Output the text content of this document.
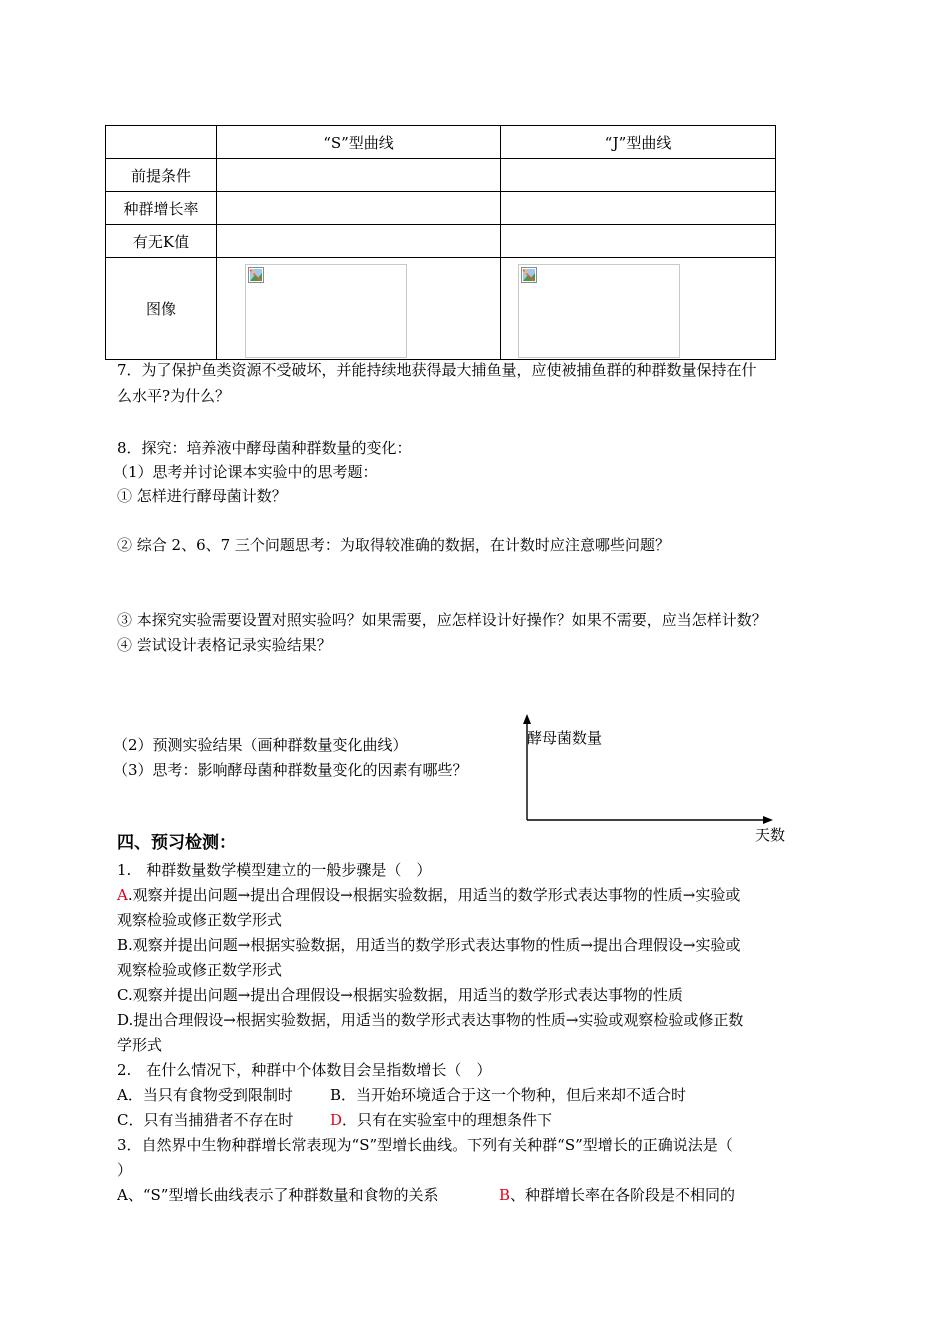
	“S”型曲线	“J”型曲线
前提条件		
种群增长率		
有无K值		
图像	

7．为了保护鱼类资源不受破坏，并能持续地获得最大捕鱼量，应使被捕鱼群的种群数量保持在什
么水平?为什么？
8．探究：培养液中酵母菌种群数量的变化：
（1）思考并讨论课本实验中的思考题：
① 怎样进行酵母菌计数？
② 综合 2、6、7 三个问题思考：为取得较准确的数据，在计数时应注意哪些问题？
③ 本探究实验需要设置对照实验吗？如果需要，应怎样设计好操作？如果不需要，应当怎样计数？
④ 尝试设计表格记录实验结果？
（2）预测实验结果（画种群数量变化曲线）
（3）思考：影响酵母菌种群数量变化的因素有哪些？
酵母菌数量
天数
四、预习检测：
1.　种群数量数学模型建立的一般步骤是（　）
A.观察并提出问题→提出合理假设→根据实验数据，用适当的数学形式表达事物的性质→实验或
观察检验或修正数学形式
B.观察并提出问题→根据实验数据，用适当的数学形式表达事物的性质→提出合理假设→实验或
观察检验或修正数学形式
C.观察并提出问题→提出合理假设→根据实验数据，用适当的数学形式表达事物的性质
D.提出合理假设→根据实验数据，用适当的数学形式表达事物的性质→实验或观察检验或修正数
学形式
2.　在什么情况下，种群中个体数目会呈指数增长（　）
A．当只有食物受到限制时 B．当开始环境适合于这一个物种，但后来却不适合时
C．只有当捕猎者不存在时 D．只有在实验室中的理想条件下
3．自然界中生物种群增长常表现为“S”型增长曲线。下列有关种群“S”型增长的正确说法是（
）
A、“S”型增长曲线表示了种群数量和食物的关系	B、种群增长率在各阶段是不相同的
